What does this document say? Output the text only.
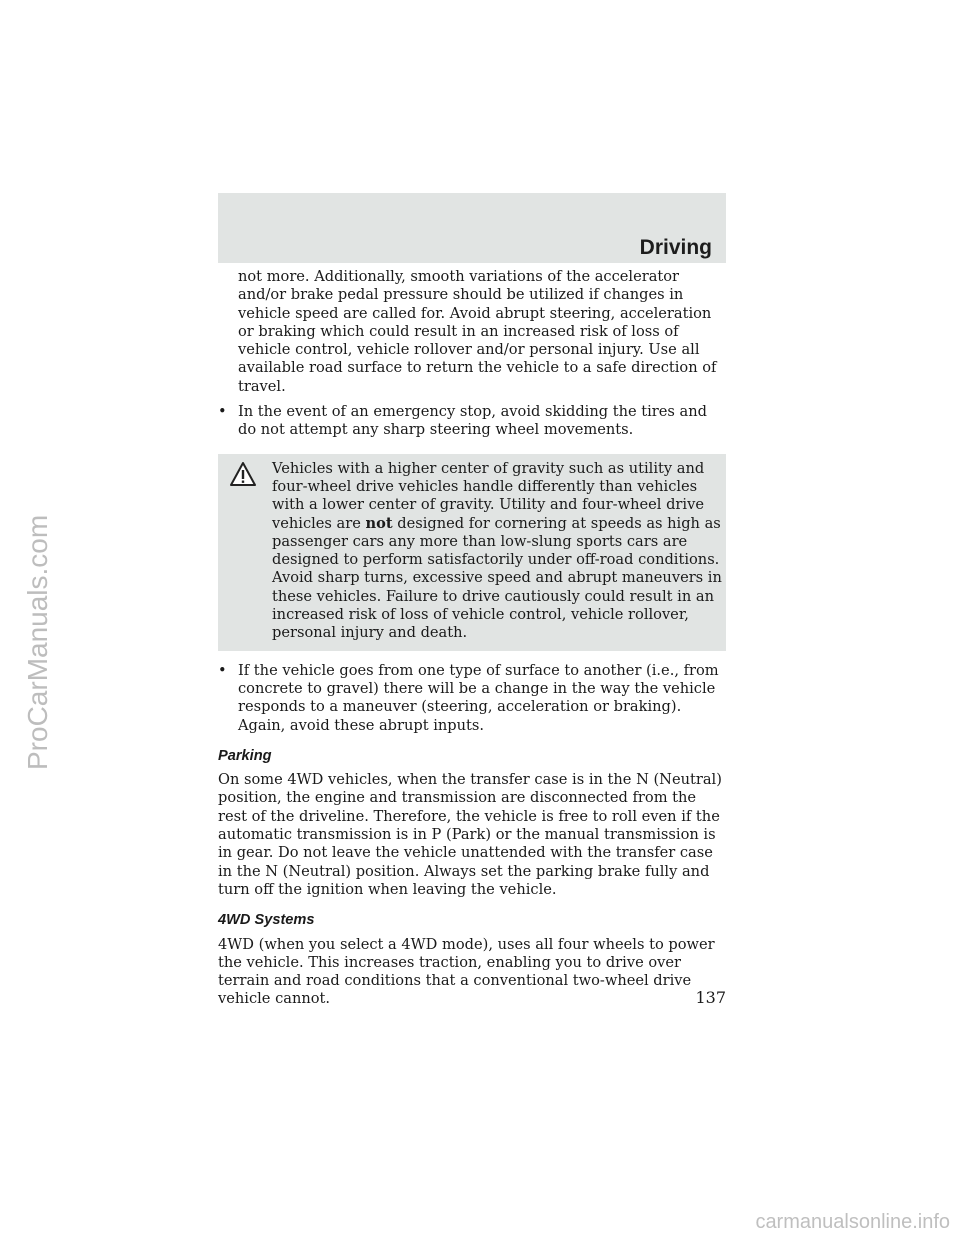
Driving

not more. Additionally, smooth variations of the accelerator and/or brake pedal pressure should be utilized if changes in vehicle speed are called for. Avoid abrupt steering, acceleration or braking which could result in an increased risk of loss of vehicle control, vehicle rollover and/or personal injury. Use all available road surface to return the vehicle to a safe direction of travel.

• In the event of an emergency stop, avoid skidding the tires and do not attempt any sharp steering wheel movements.

Vehicles with a higher center of gravity such as utility and four-wheel drive vehicles handle differently than vehicles with a lower center of gravity. Utility and four-wheel drive vehicles are not designed for cornering at speeds as high as passenger cars any more than low-slung sports cars are designed to perform satisfactorily under off-road conditions. Avoid sharp turns, excessive speed and abrupt maneuvers in these vehicles. Failure to drive cautiously could result in an increased risk of loss of vehicle control, vehicle rollover, personal injury and death.

• If the vehicle goes from one type of surface to another (i.e., from concrete to gravel) there will be a change in the way the vehicle responds to a maneuver (steering, acceleration or braking). Again, avoid these abrupt inputs.
Parking

On some 4WD vehicles, when the transfer case is in the N (Neutral) position, the engine and transmission are disconnected from the rest of the driveline. Therefore, the vehicle is free to roll even if the automatic transmission is in P (Park) or the manual transmission is in gear. Do not leave the vehicle unattended with the transfer case in the N (Neutral) position. Always set the parking brake fully and turn off the ignition when leaving the vehicle.

4WD Systems

4WD (when you select a 4WD mode), uses all four wheels to power the vehicle. This increases traction, enabling you to drive over terrain and road conditions that a conventional two-wheel drive vehicle cannot.	137

ProCarManuals.com

carmanualsonline.info
